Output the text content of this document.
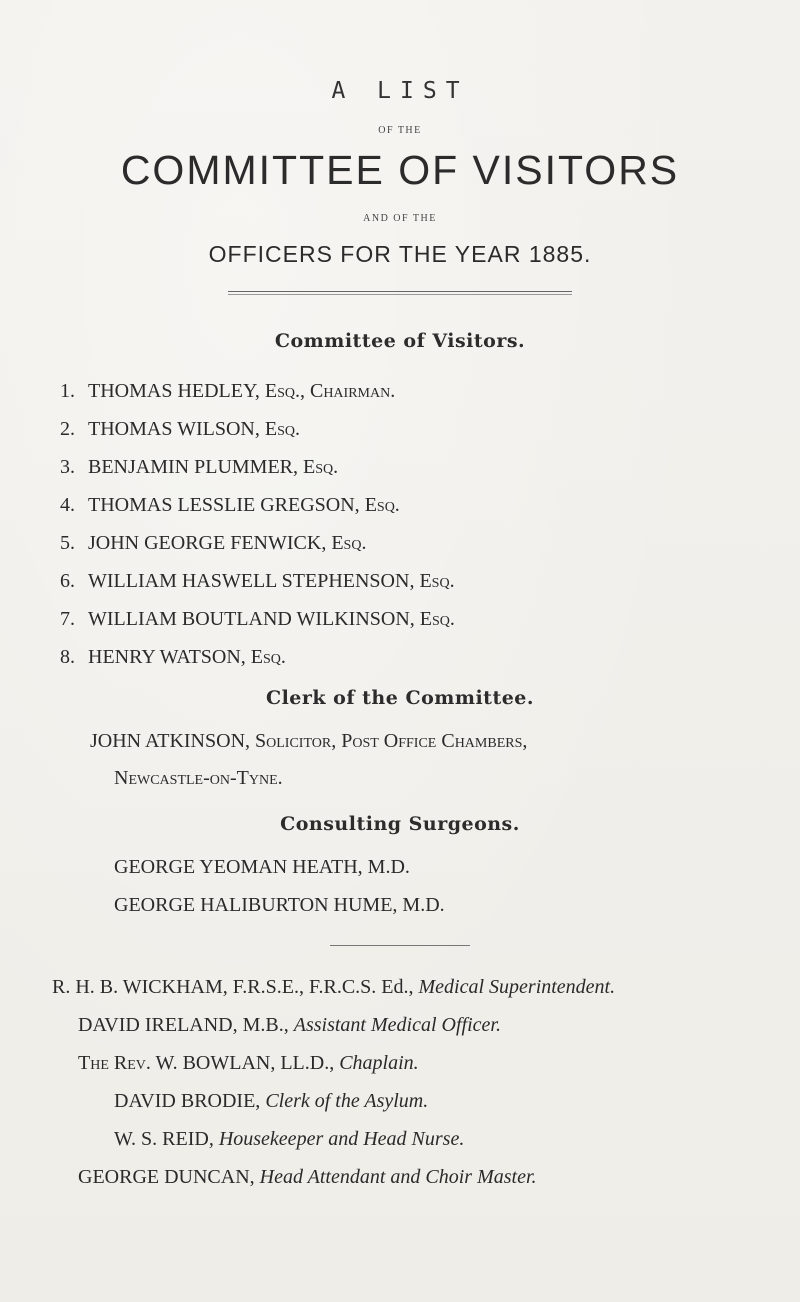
A LIST
OF THE
COMMITTEE OF VISITORS
AND OF THE
OFFICERS FOR THE YEAR 1885.
Committee of Visitors.
1. THOMAS HEDLEY, Esq., Chairman.
2. THOMAS WILSON, Esq.
3. BENJAMIN PLUMMER, Esq.
4. THOMAS LESSLIE GREGSON, Esq.
5. JOHN GEORGE FENWICK, Esq.
6. WILLIAM HASWELL STEPHENSON, Esq.
7. WILLIAM BOUTLAND WILKINSON, Esq.
8. HENRY WATSON, Esq.
Clerk of the Committee.
JOHN ATKINSON, Solicitor, Post Office Chambers,
Newcastle-on-Tyne.
Consulting Surgeons.
GEORGE YEOMAN HEATH, M.D.
GEORGE HALIBURTON HUME, M.D.
R. H. B. WICKHAM, F.R.S.E., F.R.C.S. Ed., Medical Superintendent.
DAVID IRELAND, M.B., Assistant Medical Officer.
The Rev. W. BOWLAN, LL.D., Chaplain.
DAVID BRODIE, Clerk of the Asylum.
W. S. REID, Housekeeper and Head Nurse.
GEORGE DUNCAN, Head Attendant and Choir Master.
